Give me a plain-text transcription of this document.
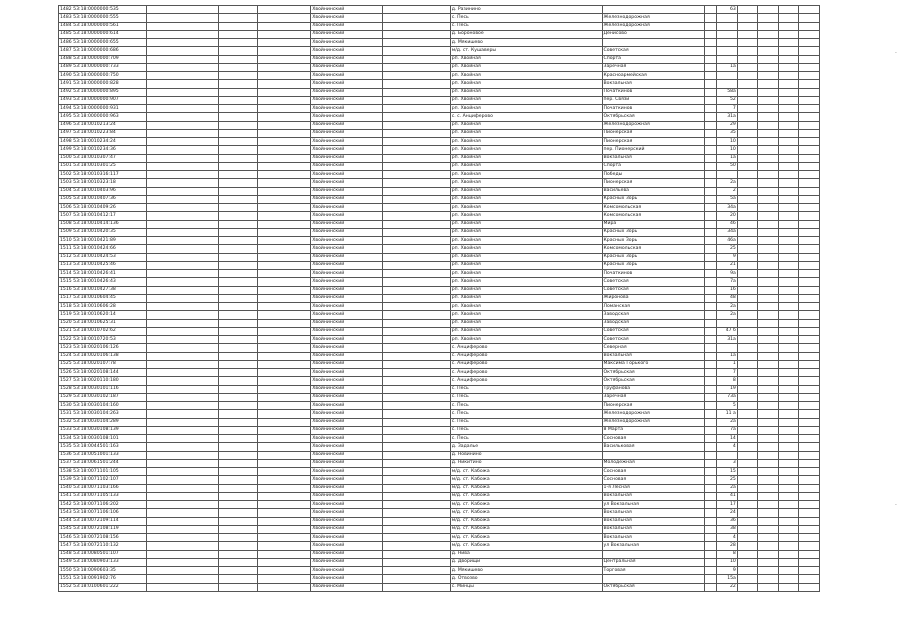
1482 53:18:0000000:535				Хвойнинский		д. Разинино			63				
1483 53:18:0000000:555				Хвойнинский		с. Песь	Железнодорожная						
1484 53:18:0000000:561				Хвойнинский		с. Песь	Железнодорожная						
1485 53:18:0000000:614				Хвойнинский		д. Бороновое	Денисово						
1486 53:18:0000000:655				Хвойнинский		д. Мякишево							
1487 53:18:0000000:686				Хвойнинский		м/д. ст. Кушаверы	Советская						
1488 53:18:0000000:709				Хвойнинский		рп. Хвойная	Спорта						
1489 53:18:0000000:733				Хвойнинский		рп. Хвойная	Заречная		1а				
1490 53:18:0000000:750				Хвойнинский		рп. Хвойная	Красноармейская						
1491 53:18:0000000:828				Хвойнинский		рп. Хвойная	Вокзальная						
1492 53:18:0000000:895				Хвойнинский		рп. Хвойная	Початкинов		58а				
1493 53:18:0000000:907				Хвойнинский		рп. Хвойная	пер. Связи		52				
1494 53:18:0000000:931				Хвойнинский		рп. Хвойная	Початкинов		7				
1495 53:18:0000000:963				Хвойнинский		с. с. Анциферово	Октябрьская		31а				
1496 53:18:0010213:24				Хвойнинский		рп. Хвойная	Железнодорожная		29				
1497 53:18:0010223:84				Хвойнинский		рп. Хвойная	Пионерская		35				
1498 53:18:0010234:24				Хвойнинский		рп. Хвойная	Пионерская		10				
1499 53:18:0010234:36				Хвойнинский		рп. Хвойная	пер. Пионерский		10				
1500 53:18:0010307:47				Хвойнинский		рп. Хвойная	Вокзальная		1а				
1501 53:18:0010301:25				Хвойнинский		рп. Хвойная	Спорта		50				
1502 53:18:0010316:117				Хвойнинский		рп. Хвойная	Победы						
1503 53:18:0010323:18				Хвойнинский		рп. Хвойная	Пионерская		2а				
1504 53:18:0010403:96				Хвойнинский		рп. Хвойная	Васильева		2				
1505 53:18:0010407:36				Хвойнинский		рп. Хвойная	Красных Зорь		5а				
1506 53:18:0010409:26				Хвойнинский		рп. Хвойная	Комсомольская		34а				
1507 53:18:0010412:17				Хвойнинский		рп. Хвойная	Комсомольская		20				
1508 53:18:0010414:136				Хвойнинский		рп. Хвойная	Мира		46				
1509 53:18:0010420:35				Хвойнинский		рп. Хвойная	Красных Зорь		34а				
1510 53:18:0010421:89				Хвойнинский		рп. Хвойная	Красных Зорь		46а				
1511 53:18:0010424:66				Хвойнинский		рп. Хвойная	Комсомольская		25				
1512 53:18:0010424:53				Хвойнинский		рп. Хвойная	Красных Зорь		9				
1513 53:18:0010425:46				Хвойнинский		рп. Хвойная	Красных Зорь		21				
1514 53:18:0010426:41				Хвойнинский		рп. Хвойная	Початкинов		9а				
1515 53:18:0010426:43				Хвойнинский		рп. Хвойная	Советская		7а				
1516 53:18:0010427:38				Хвойнинский		рп. Хвойная	Советская		16				
1517 53:18:0010604:45				Хвойнинский		рп. Хвойная	Жиронова		48				
1518 53:18:0010606:28				Хвойнинский		рп. Хвойная	Ломанская		2а				
1519 53:18:0010620:14				Хвойнинский		рп. Хвойная	Заводская		2а				
1520 53:18:0010625:31				Хвойнинский		рп. Хвойная	Заводская						
1521 53:18:0010702:62				Хвойнинский		рп. Хвойная	Советская		47 б				
1522 53:18:0010720:53				Хвойнинский		рп. Хвойная	Советская		31а				
1523 53:18:0020106:126				Хвойнинский		с. Анциферово	Северная						
1524 53:18:0020106:138				Хвойнинский		с. Анциферово	Вокзальная		1а				
1525 53:18:0020107:78				Хвойнинский		с. Анциферово	Максима Горького		1				
1526 53:18:0020108:144				Хвойнинский		с. Анциферово	Октябрьская		7				
1527 53:18:0020110:180				Хвойнинский		с. Анциферово	Октябрьская		8				
1528 53:18:0030101:116				Хвойнинский		с. Песь	Труфанова		19				
1529 53:18:0030102:187				Хвойнинский		с. Песь	Заречная		73а				
1530 53:18:0030104:160				Хвойнинский		с. Песь	Пионерская		5				
1531 53:18:0030104:263				Хвойнинский		с. Песь	Железнодорожная		11 а				
1532 53:18:0030104:289				Хвойнинский		с. Песь	Железнодорожная		2а				
1533 53:18:0030108:139				Хвойнинский		с. Песь	8 Марта		7а				
1534 53:18:0030108:101				Хвойнинский		с. Песь	Сосновая		14				
1535 53:18:0044501:163				Хвойнинский		д. Задалье	Васильковая		4				
1536 53:18:0051001:133				Хвойнинский		д. Новинино							
1537 53:18:0061501:244				Хвойнинский		д. Никитино	Молодежная		3				
1538 53:18:0071101:105				Хвойнинский		м/д. ст. Кабожа	Сосновая		15				
1539 53:18:0071102:107				Хвойнинский		м/д. ст. Кабожа	Сосновая		25				
1540 53:18:0071103:166				Хвойнинский		м/д. ст. Кабожа	1-я Лесная		2а				
1541 53:18:0071105:133				Хвойнинский		м/д. ст. Кабожа	Вокзальная		41				
1542 53:18:0071106:202				Хвойнинский		м/д. ст. Кабожа	ул Вокзальная		17				
1543 53:18:0071106:106				Хвойнинский		м/д. ст. Кабожа	Вокзальная		24				
1544 53:18:0072109:114				Хвойнинский		м/д. ст. Кабожа	Вокзальная		36				
1545 53:18:0072108:119				Хвойнинский		м/д. ст. Кабожа	Вокзальная		38				
1546 53:18:0072108:156				Хвойнинский		м/д. ст. Кабожа	Вокзальная		4				
1547 53:18:0072110:132				Хвойнинский		м/д. ст. Кабожа	ул Вокзальная		28				
1548 53:18:0080501:107				Хвойнинский		д. Нива			8				
1549 53:18:0080903:133				Хвойнинский		д. Дворищи	Центральная		10				
1550 53:18:0090603:35				Хвойнинский		д. Мякишево	Торговая		9				
1551 53:18:0091902:76				Хвойнинский		д. Отвозво			15а				
1552 53:18:0100601:222				Хвойнинский		с. Минцы	Октябрьская		22				
.
.
